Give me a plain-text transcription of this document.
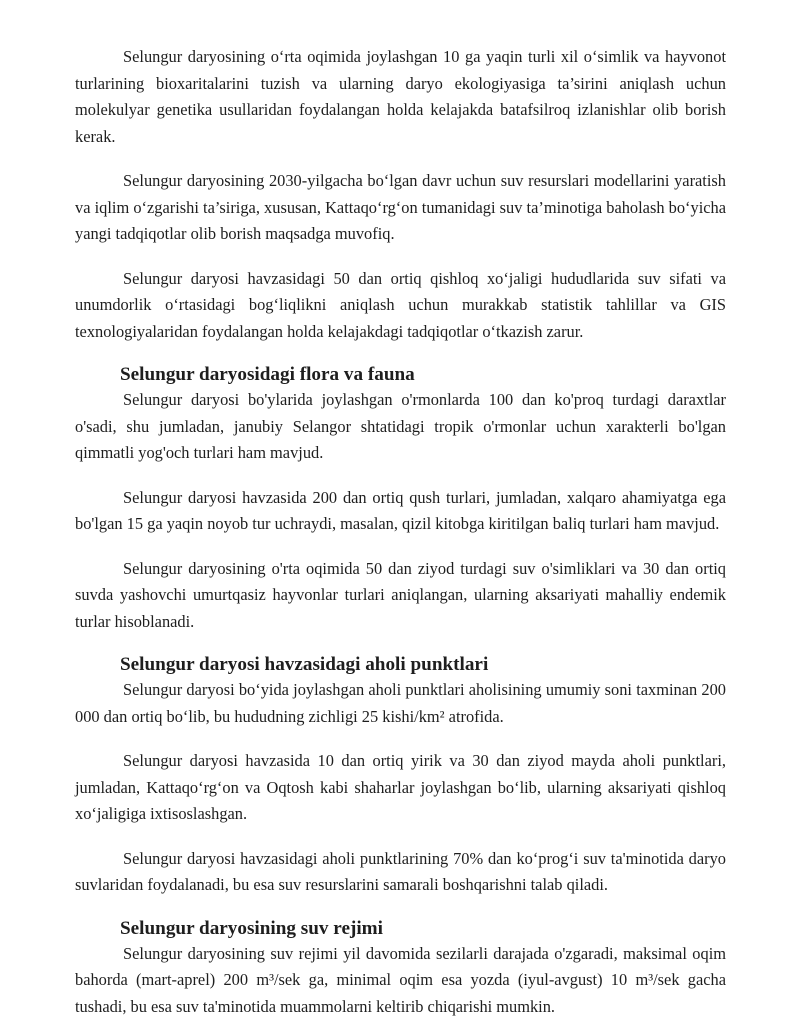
Selungur daryosining o‘rta oqimida joylashgan 10 ga yaqin turli xil o‘simlik va hayvonot turlarining bioxaritalarini tuzish va ularning daryo ekologiyasiga ta’sirini aniqlash uchun molekulyar genetika usullaridan foydalangan holda kelajakda batafsilroq izlanishlar olib borish kerak.

Selungur daryosining 2030-yilgacha bo‘lgan davr uchun suv resurslari modellarini yaratish va iqlim o‘zgarishi ta’siriga, xususan, Kattaqo‘rg‘on tumanidagi suv ta’minotiga baholash bo‘yicha yangi tadqiqotlar olib borish maqsadga muvofiq.

Selungur daryosi havzasidagi 50 dan ortiq qishloq xo‘jaligi hududlarida suv sifati va unumdorlik o‘rtasidagi bog‘liqlikni aniqlash uchun murakkab statistik tahlillar va GIS texnologiyalaridan foydalangan holda kelajakdagi tadqiqotlar o‘tkazish zarur.

Selungur daryosidagi flora va fauna

Selungur daryosi bo'ylarida joylashgan o'rmonlarda 100 dan ko'proq turdagi daraxtlar o'sadi, shu jumladan, janubiy Selangor shtatidagi tropik o'rmonlar uchun xarakterli bo'lgan qimmatli yog'och turlari ham mavjud.

Selungur daryosi havzasida 200 dan ortiq qush turlari, jumladan, xalqaro ahamiyatga ega bo'lgan 15 ga yaqin noyob tur uchraydi, masalan, qizil kitobga kiritilgan baliq turlari ham mavjud.

Selungur daryosining o'rta oqimida 50 dan ziyod turdagi suv o'simliklari va 30 dan ortiq suvda yashovchi umurtqasiz hayvonlar turlari aniqlangan, ularning aksariyati mahalliy endemik turlar hisoblanadi.

Selungur daryosi havzasidagi aholi punktlari

Selungur daryosi bo‘yida joylashgan aholi punktlari aholisining umumiy soni taxminan 200 000 dan ortiq bo‘lib, bu hududning zichligi 25 kishi/km² atrofida.

Selungur daryosi havzasida 10 dan ortiq yirik va 30 dan ziyod mayda aholi punktlari, jumladan, Kattaqo‘rg‘on va Oqtosh kabi shaharlar joylashgan bo‘lib, ularning aksariyati qishloq xo‘jaligiga ixtisoslashgan.

Selungur daryosi havzasidagi aholi punktlarining 70% dan ko‘prog‘i suv ta'minotida daryo suvlaridan foydalanadi, bu esa suv resurslarini samarali boshqarishni talab qiladi.

Selungur daryosining suv rejimi

Selungur daryosining suv rejimi yil davomida sezilarli darajada o'zgaradi, maksimal oqim bahorda (mart-aprel) 200 m³/sek ga, minimal oqim esa yozda (iyul-avgust) 10 m³/sek gacha tushadi, bu esa suv ta'minotida muammolarni keltirib chiqarishi mumkin.
